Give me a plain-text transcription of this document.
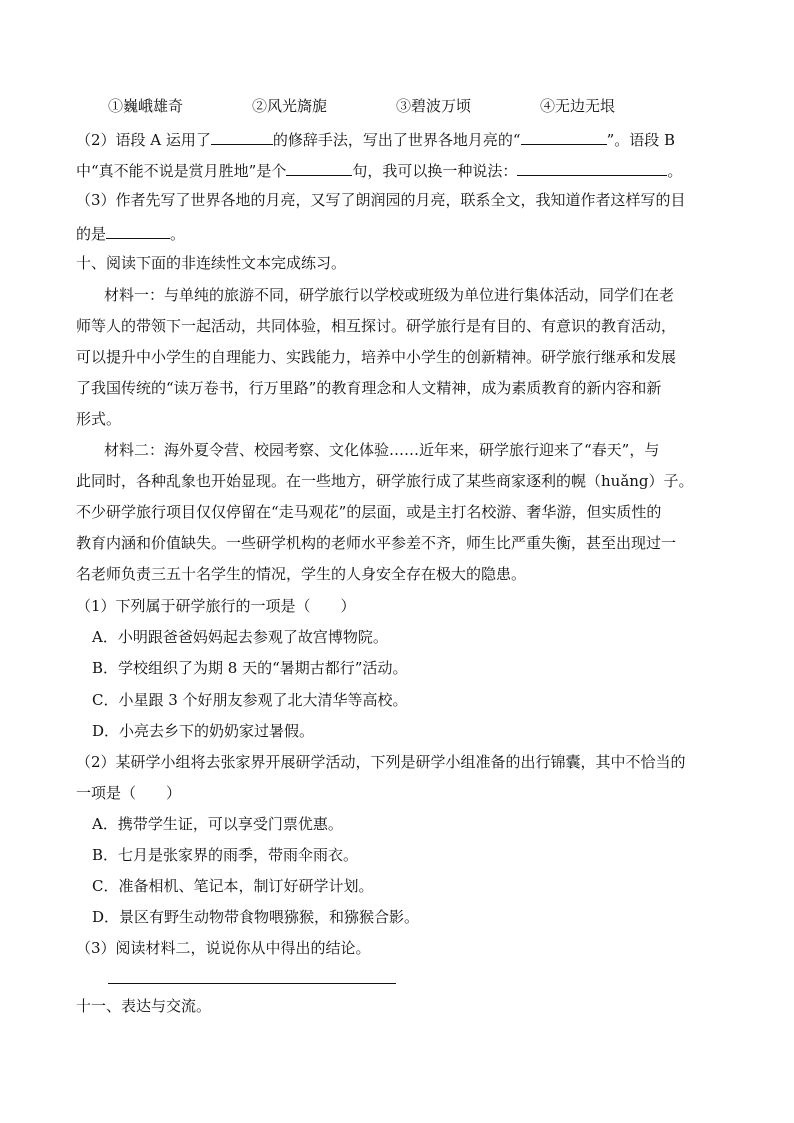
①巍峨雄奇	②风光旖旎	③碧波万顷	④无边无垠
（2）语段 A 运用了	的修辞手法，写出了世界各地月亮的“	”。语段 B
中“真不能不说是赏月胜地”是个	句，我可以换一种说法：	。
（3）作者先写了世界各地的月亮，又写了朗润园的月亮，联系全文，我知道作者这样写的目
的是	。
十、阅读下面的非连续性文本完成练习。
材料一：与单纯的旅游不同，研学旅行以学校或班级为单位进行集体活动，同学们在老
师等人的带领下一起活动，共同体验，相互探讨。研学旅行是有目的、有意识的教育活动，
可以提升中小学生的自理能力、实践能力，培养中小学生的创新精神。研学旅行继承和发展
了我国传统的“读万卷书，行万里路”的教育理念和人文精神，成为素质教育的新内容和新
形式。
材料二：海外夏令营、校园考察、文化体验……近年来，研学旅行迎来了“春天”，与
此同时，各种乱象也开始显现。在一些地方，研学旅行成了某些商家逐利的幌（huǎng）子。
不少研学旅行项目仅仅停留在“走马观花”的层面，或是主打名校游、奢华游，但实质性的
教育内涵和价值缺失。一些研学机构的老师水平参差不齐，师生比严重失衡，甚至出现过一
名老师负责三五十名学生的情况，学生的人身安全存在极大的隐患。
（1）下列属于研学旅行的一项是（　　）
A．小明跟爸爸妈妈起去参观了故宫博物院。
B．学校组织了为期 8 天的“暑期古都行”活动。
C．小星跟 3 个好朋友参观了北大清华等高校。
D．小亮去乡下的奶奶家过暑假。
（2）某研学小组将去张家界开展研学活动，下列是研学小组准备的出行锦囊，其中不恰当的
一项是（　　）
A．携带学生证，可以享受门票优惠。
B．七月是张家界的雨季，带雨伞雨衣。
C．准备相机、笔记本，制订好研学计划。
D．景区有野生动物带食物喂猕猴，和猕猴合影。
（3）阅读材料二，说说你从中得出的结论。
十一、表达与交流。
